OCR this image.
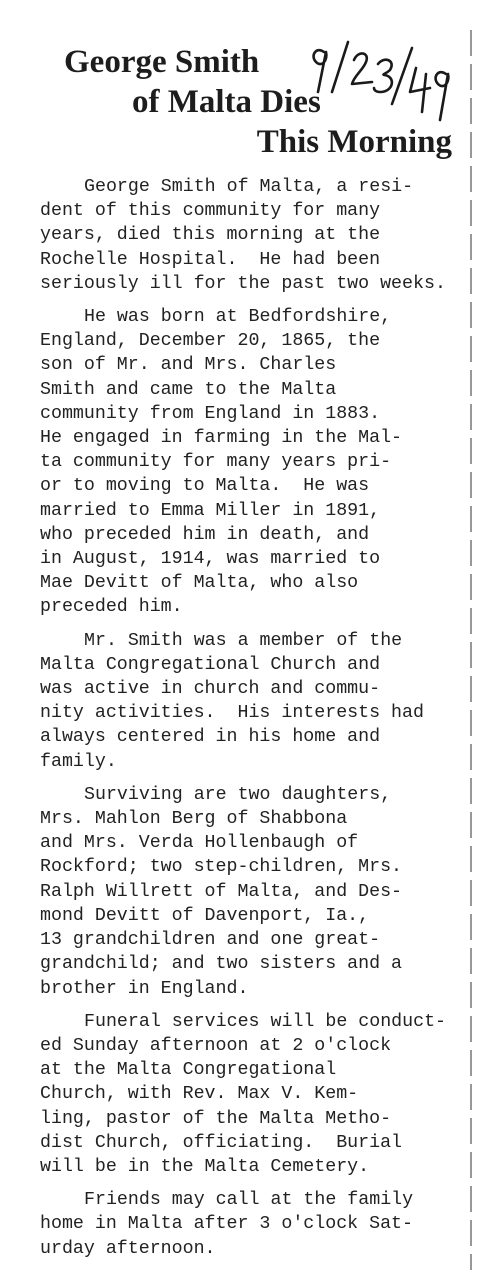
George Smith
of Malta Dies
This Morning
George Smith of Malta, a resi-
dent of this community for many
years, died this morning at the
Rochelle Hospital.  He had been
seriously ill for the past two weeks.
He was born at Bedfordshire,
England, December 20, 1865, the
son of Mr. and Mrs. Charles
Smith and came to the Malta
community from England in 1883.
He engaged in farming in the Mal-
ta community for many years pri-
or to moving to Malta.  He was
married to Emma Miller in 1891,
who preceded him in death, and
in August, 1914, was married to
Mae Devitt of Malta, who also
preceded him.
Mr. Smith was a member of the
Malta Congregational Church and
was active in church and commu-
nity activities.  His interests had
always centered in his home and
family.
Surviving are two daughters,
Mrs. Mahlon Berg of Shabbona
and Mrs. Verda Hollenbaugh of
Rockford; two step-children, Mrs.
Ralph Willrett of Malta, and Des-
mond Devitt of Davenport, Ia.,
13 grandchildren and one great-
grandchild; and two sisters and a
brother in England.
Funeral services will be conduct-
ed Sunday afternoon at 2 o'clock
at the Malta Congregational
Church, with Rev. Max V. Kem-
ling, pastor of the Malta Metho-
dist Church, officiating.  Burial
will be in the Malta Cemetery.
Friends may call at the family
home in Malta after 3 o'clock Sat-
urday afternoon.
